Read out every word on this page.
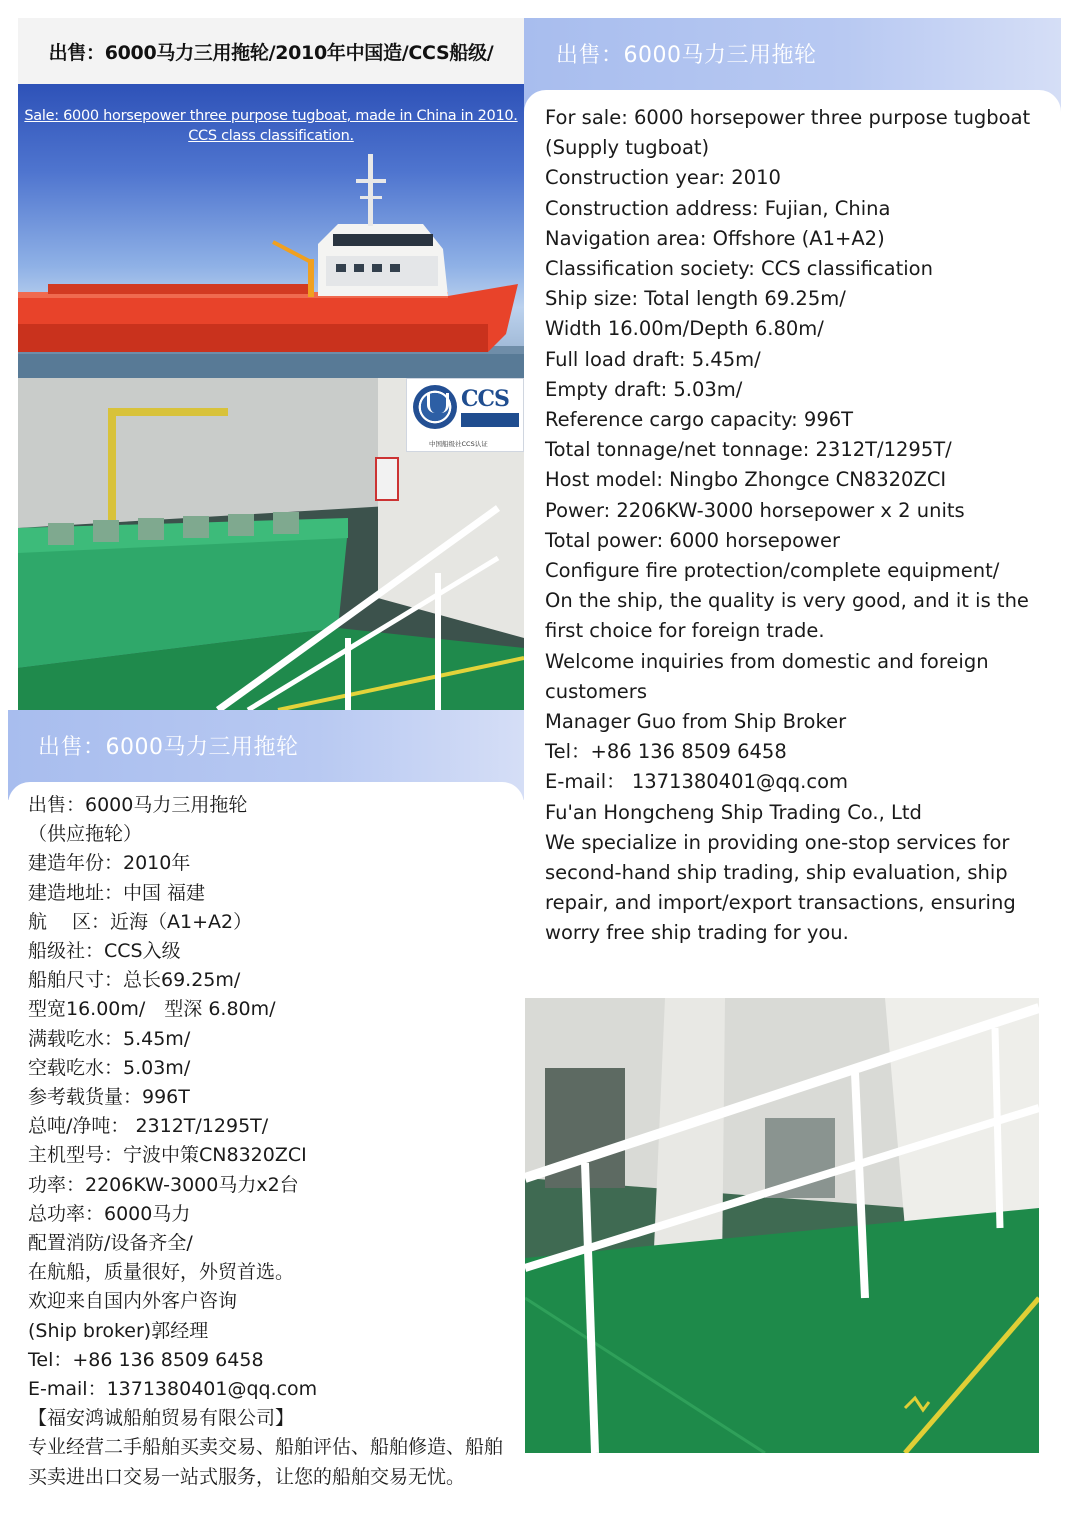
出售：6000马力三用拖轮/2010年中国造/CCS船级/
Sale: 6000 horsepower three purpose tugboat, made in China in 2010.
CCS class classification.
CCS
中国船级社CCS认证
出售：6000马力三用拖轮
出售：6000马力三用拖轮
（供应拖轮）
建造年份：2010年
建造地址：中国 福建
航　 区：近海（A1+A2）
船级社：CCS入级
船舶尺寸：总长69.25m/
型宽16.00m/　型深 6.80m/
满载吃水：5.45m/
空载吃水：5.03m/
参考载货量：996T
总吨/净吨： 2312T/1295T/
主机型号：宁波中策CN8320ZCI
功率：2206KW-3000马力x2台
总功率：6000马力
配置消防/设备齐全/
在航船，质量很好，外贸首选。
欢迎来自国内外客户咨询
(Ship broker)郭经理
Tel：+86 136 8509 6458
E-mail：1371380401@qq.com
【福安鸿诚船舶贸易有限公司】
专业经营二手船舶买卖交易、船舶评估、船舶修造、船舶买卖进出口交易一站式服务，让您的船舶交易无忧。
出售：6000马力三用拖轮
For sale: 6000 horsepower three purpose tugboat
(Supply tugboat)
Construction year: 2010
Construction address: Fujian, China
Navigation area: Offshore (A1+A2)
Classification society: CCS classification
Ship size: Total length 69.25m/
Width 16.00m/Depth 6.80m/
Full load draft: 5.45m/
Empty draft: 5.03m/
Reference cargo capacity: 996T
Total tonnage/net tonnage: 2312T/1295T/
Host model: Ningbo Zhongce CN8320ZCI
Power: 2206KW-3000 horsepower x 2 units
Total power: 6000 horsepower
Configure fire protection/complete equipment/
On the ship, the quality is very good, and it is the first choice for foreign trade.
Welcome inquiries from domestic and foreign customers
Manager Guo from Ship Broker
Tel：+86 136 8509 6458
E-mail： 1371380401@qq.com
Fu'an Hongcheng Ship Trading Co., Ltd
We specialize in providing one-stop services for second-hand ship trading, ship evaluation, ship repair, and import/export transactions, ensuring worry free ship trading for you.
